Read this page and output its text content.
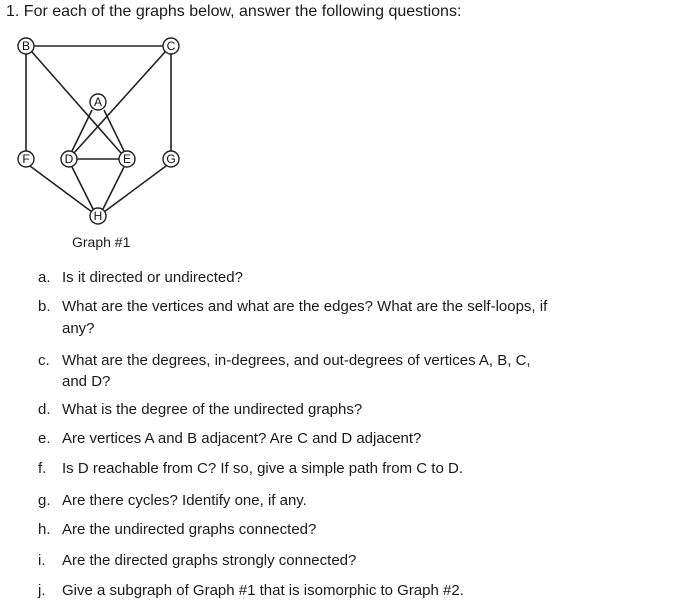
1. For each of the graphs below, answer the following questions:
B	C
A
F	D	E	G
H
Graph #1
a. Is it directed or undirected?
b. What are the vertices and what are the edges? What are the self-loops, if
any?
c. What are the degrees, in-degrees, and out-degrees of vertices A, B, C,
and D?
d. What is the degree of the undirected graphs?
e. Are vertices A and B adjacent? Are C and D adjacent?
f. Is D reachable from C? If so, give a simple path from C to D.
g. Are there cycles? Identify one, if any.
h. Are the undirected graphs connected?
i. Are the directed graphs strongly connected?
j. Give a subgraph of Graph #1 that is isomorphic to Graph #2.
